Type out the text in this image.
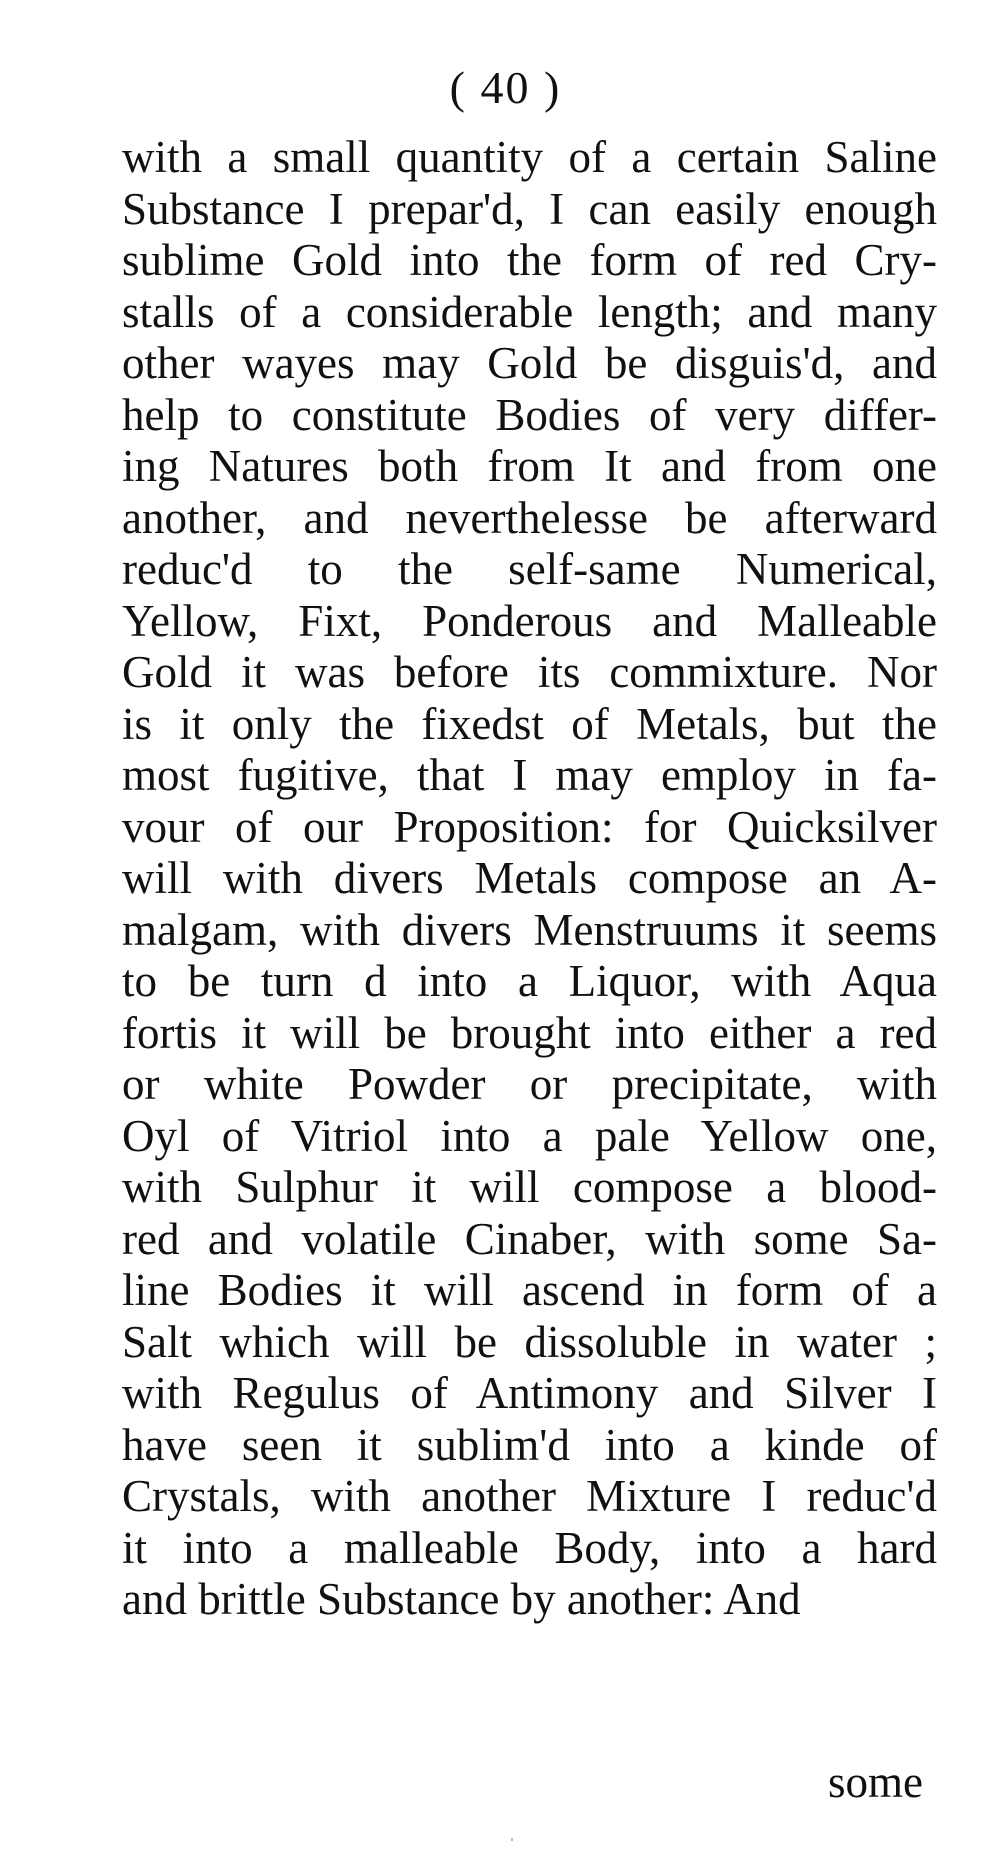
( 40 )
with a small quantity of a certain Saline
Substance I prepar'd, I can easily enough
sublime Gold into the form of red Cry-
stalls of a considerable length; and many
other wayes may Gold be disguis'd, and
help to constitute Bodies of very differ-
ing Natures both from It and from one
another, and neverthelesse be afterward
reduc'd to the self-same Numerical,
Yellow, Fixt, Ponderous and Malleable
Gold it was before its commixture. Nor
is it only the fixedst of Metals, but the
most fugitive, that I may employ in fa-
vour of our Proposition: for Quicksilver
will with divers Metals compose an A-
malgam, with divers Menstruums it seems
to be turn d into a Liquor, with Aqua
fortis it will be brought into either a red
or white Powder or precipitate, with
Oyl of Vitriol into a pale Yellow one,
with Sulphur it will compose a blood-
red and volatile Cinaber, with some Sa-
line Bodies it will ascend in form of a
Salt which will be dissoluble in water ;
with Regulus of Antimony and Silver I
have seen it sublim'd into a kinde of
Crystals, with another Mixture I reduc'd
it into a malleable Body, into a hard
and brittle Substance by another: And
some
